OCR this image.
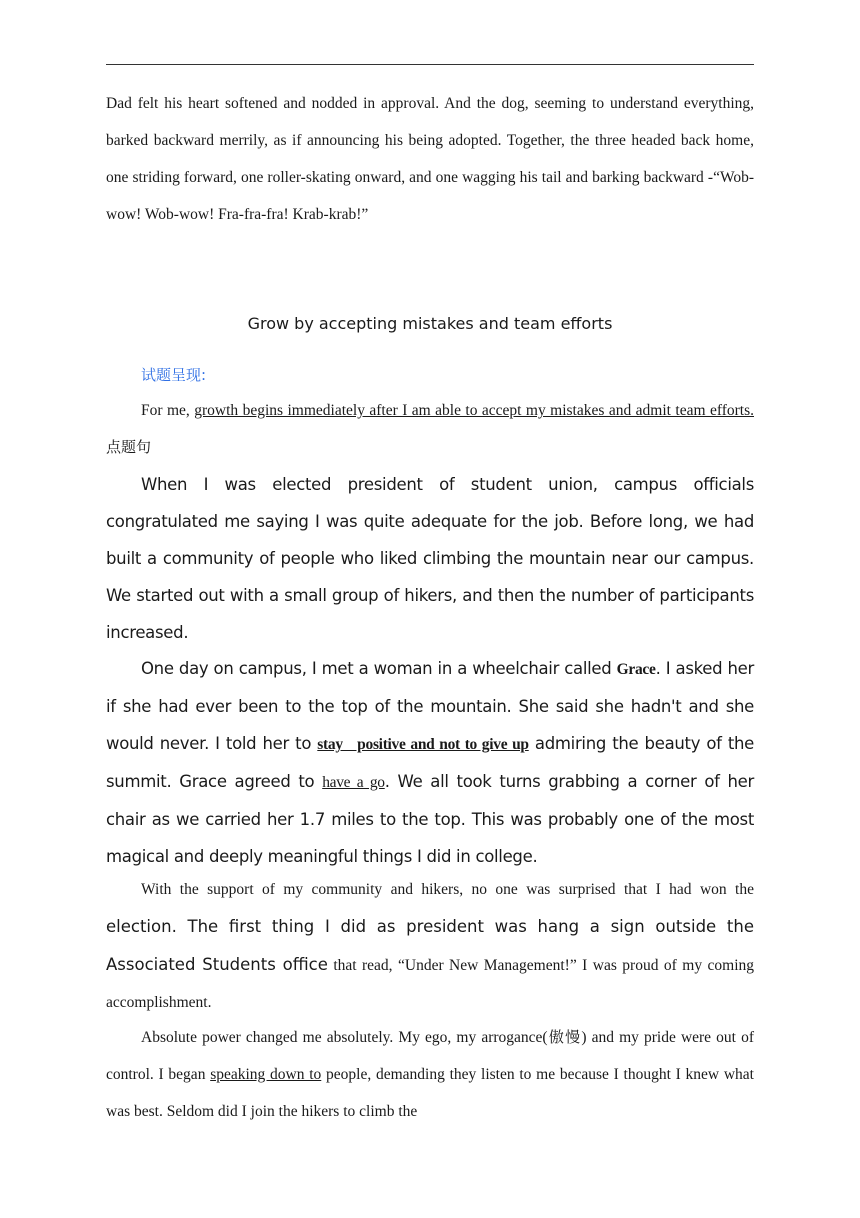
Dad felt his heart softened and nodded in approval. And the dog, seeming to understand everything, barked backward merrily, as if announcing his being adopted. Together, the three headed back home, one striding forward, one roller-skating onward, and one wagging his tail and barking backward -“Wob-wow! Wob-wow! Fra-fra-fra! Krab-krab!”

Grow by accepting mistakes and team efforts
试题呈现:

For me, growth begins immediately after I am able to accept my mistakes and admit team efforts. 点题句

When I was elected president of student union, campus officials congratulated me saying I was quite adequate for the job. Before long, we had built a community of people who liked climbing the mountain near our campus. We started out with a small group of hikers, and then the number of participants increased.

One day on campus, I met a woman in a wheelchair called Grace. I asked her if she had ever been to the top of the mountain. She said she hadn't and she would never. I told her to stay   positive and not to give up admiring the beauty of the summit. Grace agreed to have a go. We all took turns grabbing a corner of her chair as we carried her 1.7 miles to the top. This was probably one of the most magical and deeply meaningful things I did in college.

With the support of my community and hikers, no one was surprised that I had won the election. The first thing I did as president was hang a sign outside the Associated Students office that read, “Under New Management!” I was proud of my coming accomplishment.

Absolute power changed me absolutely. My ego, my arrogance(傲慢) and my pride were out of control. I began speaking down to people, demanding they listen to me because I thought I knew what was best. Seldom did I join the hikers to climb the
